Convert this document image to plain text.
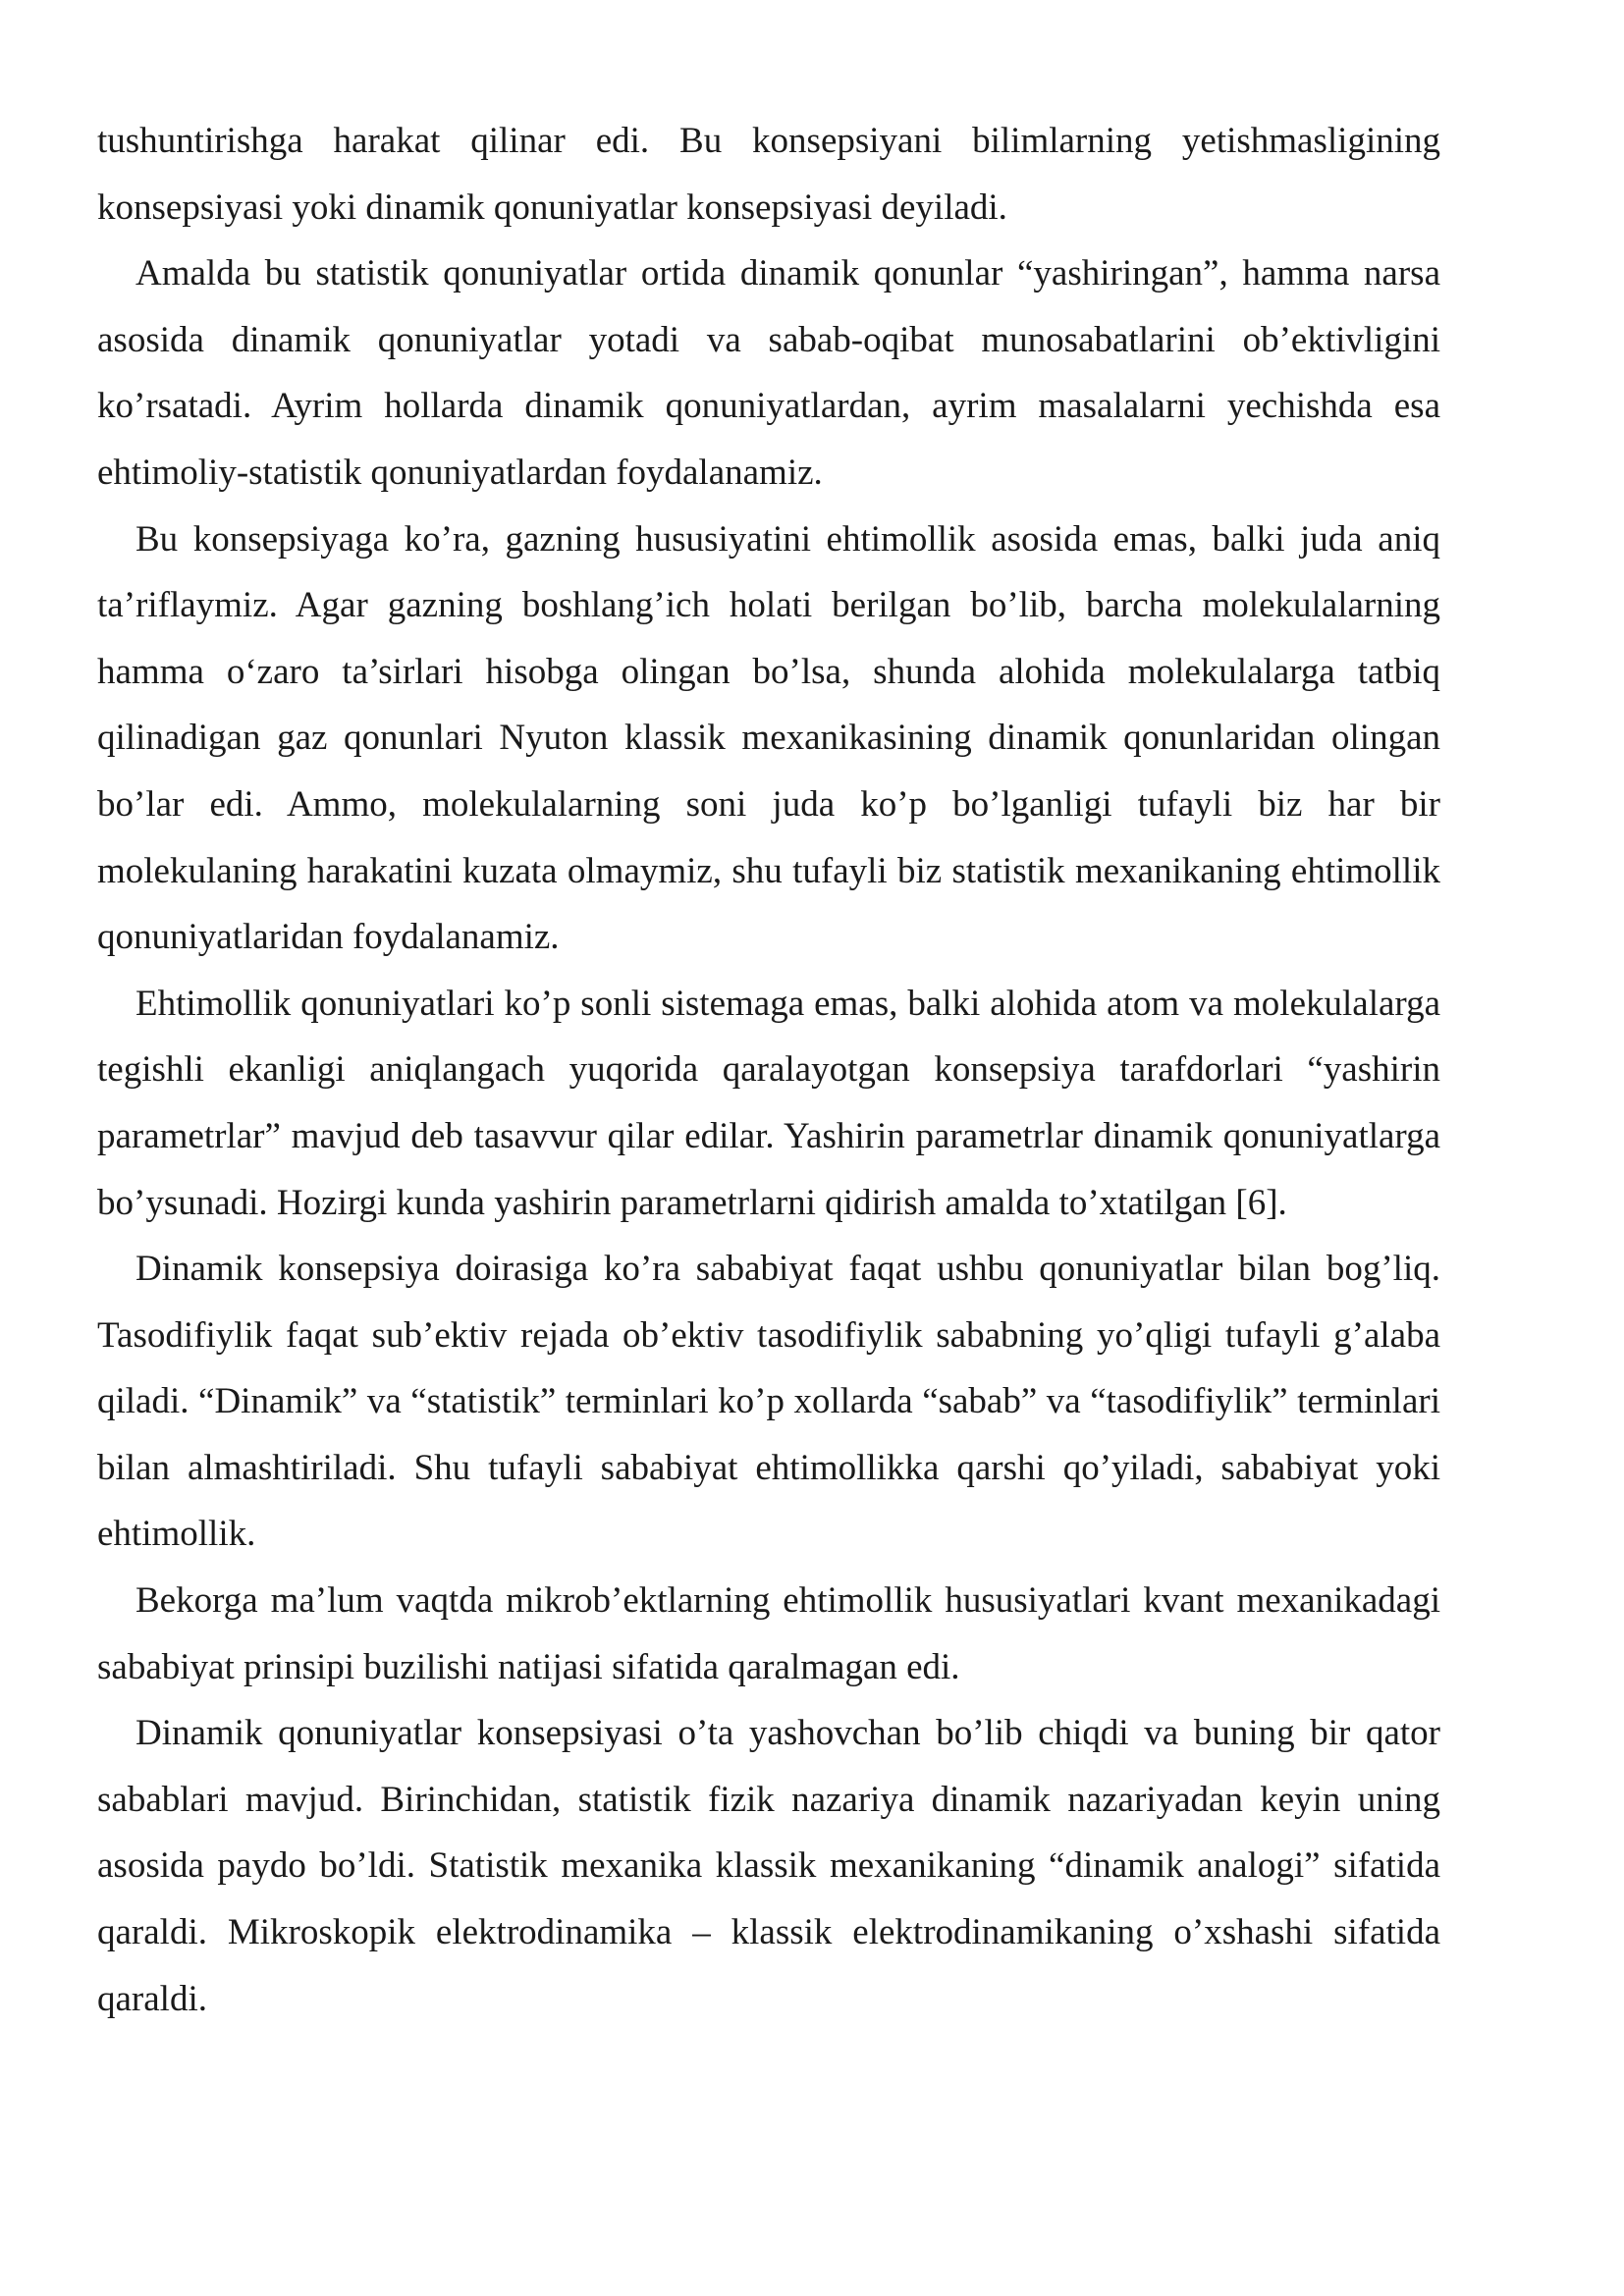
tushuntirishga harakat qilinar edi. Bu konsepsiyani bilimlarning yetishmasligining konsepsiyasi yoki dinamik qonuniyatlar konsepsiyasi deyiladi.

Amalda bu statistik qonuniyatlar ortida dinamik qonunlar “yashiringan”, hamma narsa asosida dinamik qonuniyatlar yotadi va sabab-oqibat munosabatlarini ob’ektivligini ko’rsatadi. Ayrim hollarda dinamik qonuniyatlardan, ayrim masalalarni yechishda esa ehtimoliy-statistik qonuniyatlardan foydalanamiz.

Bu konsepsiyaga ko’ra, gazning hususiyatini ehtimollik asosida emas, balki juda aniq ta’riflaymiz. Agar gazning boshlang’ich holati berilgan bo’lib, barcha molekulalarning hamma o‘zaro ta’sirlari hisobga olingan bo’lsa, shunda alohida molekulalarga tatbiq qilinadigan gaz qonunlari Nyuton klassik mexanikasining dinamik qonunlaridan olingan bo’lar edi. Ammo, molekulalarning soni juda ko’p bo’lganligi tufayli biz har bir molekulaning harakatini kuzata olmaymiz, shu tufayli biz statistik mexanikaning ehtimollik qonuniyatlaridan foydalanamiz.

Ehtimollik qonuniyatlari ko’p sonli sistemaga emas, balki alohida atom va molekulalarga tegishli ekanligi aniqlangach yuqorida qaralayotgan konsepsiya tarafdorlari “yashirin parametrlar” mavjud deb tasavvur qilar edilar. Yashirin parametrlar dinamik qonuniyatlarga bo’ysunadi. Hozirgi kunda yashirin parametrlarni qidirish amalda to’xtatilgan [6].

Dinamik konsepsiya doirasiga ko’ra sababiyat faqat ushbu qonuniyatlar bilan bog’liq. Tasodifiylik faqat sub’ektiv rejada ob’ektiv tasodifiylik sababning yo’qligi tufayli g’alaba qiladi. “Dinamik” va “statistik” terminlari ko’p xollarda “sabab” va “tasodifiylik” terminlari bilan almashtiriladi. Shu tufayli sababiyat ehtimollikka qarshi qo’yiladi, sababiyat yoki ehtimollik.

Bekorga ma’lum vaqtda mikrob’ektlarning ehtimollik hususiyatlari kvant mexanikadagi sababiyat prinsipi buzilishi natijasi sifatida qaralmagan edi.

Dinamik qonuniyatlar konsepsiyasi o’ta yashovchan bo’lib chiqdi va buning bir qator sabablari mavjud. Birinchidan, statistik fizik nazariya dinamik nazariyadan keyin uning asosida paydo bo’ldi. Statistik mexanika klassik mexanikaning “dinamik analogi” sifatida qaraldi. Mikroskopik elektrodinamika – klassik elektrodinamikaning o’xshashi sifatida qaraldi.
